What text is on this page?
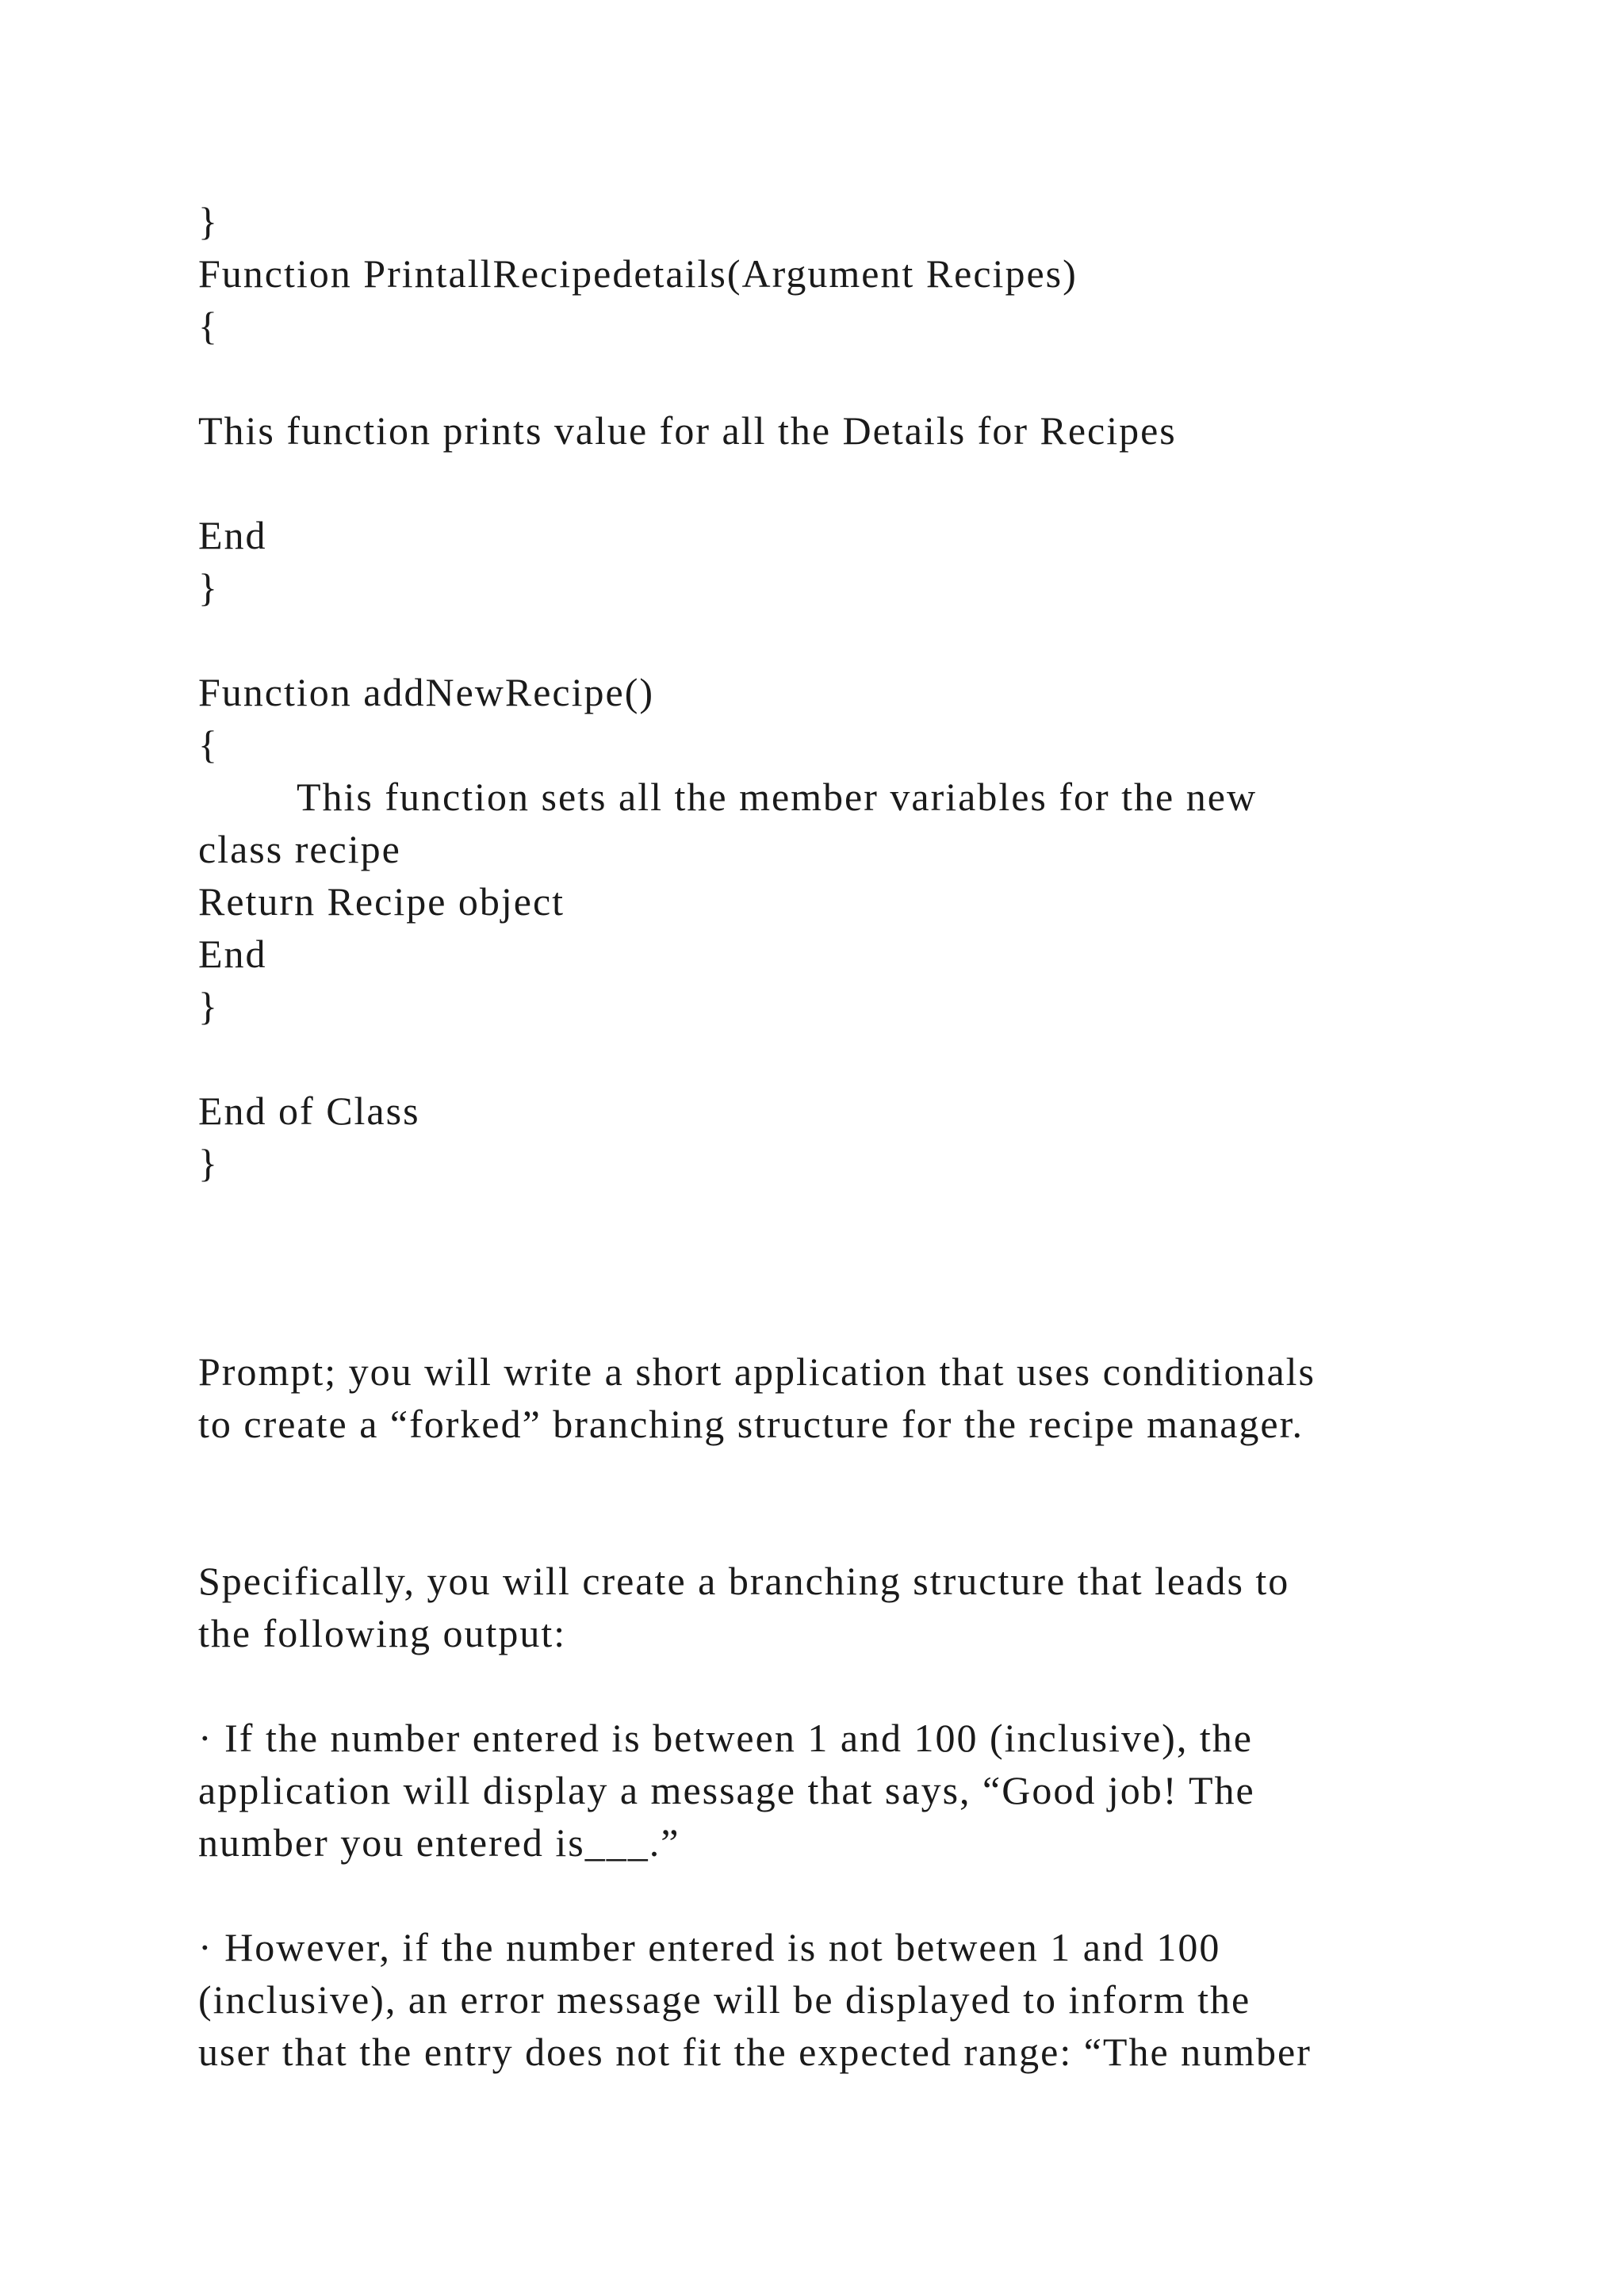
}

Function PrintallRecipedetails(Argument Recipes)

{

This function prints value for all the Details for Recipes

End

}

Function addNewRecipe()

{

This function sets all the member variables for the new

class recipe

Return Recipe object

End

}

End of Class

}

Prompt; you will write a short application that uses conditionals

to create a “forked” branching structure for the recipe manager.

Specifically, you will create a branching structure that leads to

the following output:

· If the number entered is between 1 and 100 (inclusive), the

application will display a message that says, “Good job! The

number you entered is___.”

· However, if the number entered is not between 1 and 100

(inclusive), an error message will be displayed to inform the

user that the entry does not fit the expected range: “The number
